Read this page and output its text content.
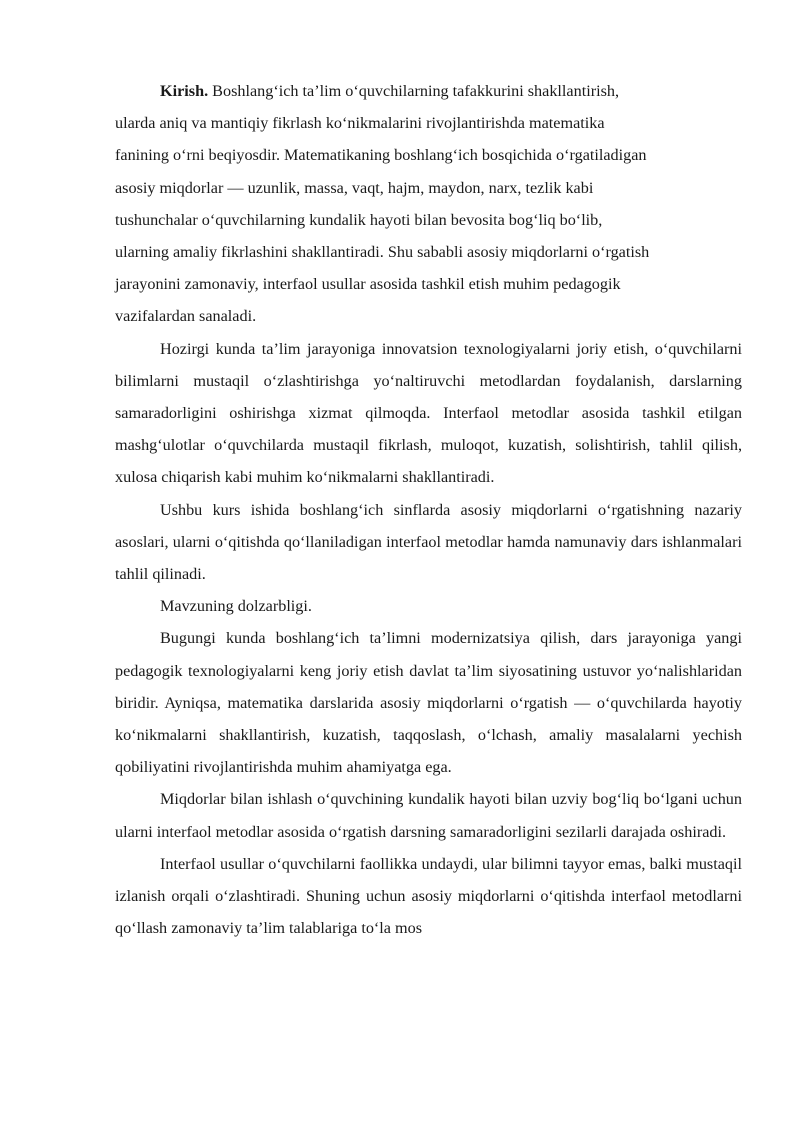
Kirish. Boshlang‘ich ta’lim o‘quvchilarning tafakkurini shakllantirish,
ularda aniq va mantiqiy fikrlash ko‘nikmalarini rivojlantirishda matematika
fanining o‘rni beqiyosdir. Matematikaning boshlang‘ich bosqichida o‘rgatiladigan
asosiy miqdorlar — uzunlik, massa, vaqt, hajm, maydon, narx, tezlik kabi
tushunchalar o‘quvchilarning kundalik hayoti bilan bevosita bog‘liq bo‘lib,
ularning amaliy fikrlashini shakllantiradi. Shu sababli asosiy miqdorlarni o‘rgatish
jarayonini zamonaviy, interfaol usullar asosida tashkil etish muhim pedagogik
vazifalardan sanaladi.

Hozirgi kunda ta’lim jarayoniga innovatsion texnologiyalarni joriy etish, o‘quvchilarni bilimlarni mustaqil o‘zlashtirishga yo‘naltiruvchi metodlardan foydalanish, darslarning samaradorligini oshirishga xizmat qilmoqda. Interfaol metodlar asosida tashkil etilgan mashg‘ulotlar o‘quvchilarda mustaqil fikrlash, muloqot, kuzatish, solishtirish, tahlil qilish, xulosa chiqarish kabi muhim ko‘nikmalarni shakllantiradi.

Ushbu kurs ishida boshlang‘ich sinflarda asosiy miqdorlarni o‘rgatishning nazariy asoslari, ularni o‘qitishda qo‘llaniladigan interfaol metodlar hamda namunaviy dars ishlanmalari tahlil qilinadi.

Mavzuning dolzarbligi.

Bugungi kunda boshlang‘ich ta’limni modernizatsiya qilish, dars jarayoniga yangi pedagogik texnologiyalarni keng joriy etish davlat ta’lim siyosatining ustuvor yo‘nalishlaridan biridir. Ayniqsa, matematika darslarida asosiy miqdorlarni o‘rgatish — o‘quvchilarda hayotiy ko‘nikmalarni shakllantirish, kuzatish, taqqoslash, o‘lchash, amaliy masalalarni yechish qobiliyatini rivojlantirishda muhim ahamiyatga ega.

Miqdorlar bilan ishlash o‘quvchining kundalik hayoti bilan uzviy bog‘liq bo‘lgani uchun ularni interfaol metodlar asosida o‘rgatish darsning samaradorligini sezilarli darajada oshiradi.

Interfaol usullar o‘quvchilarni faollikka undaydi, ular bilimni tayyor emas, balki mustaqil izlanish orqali o‘zlashtiradi. Shuning uchun asosiy miqdorlarni o‘qitishda interfaol metodlarni qo‘llash zamonaviy ta’lim talablariga to‘la mos
